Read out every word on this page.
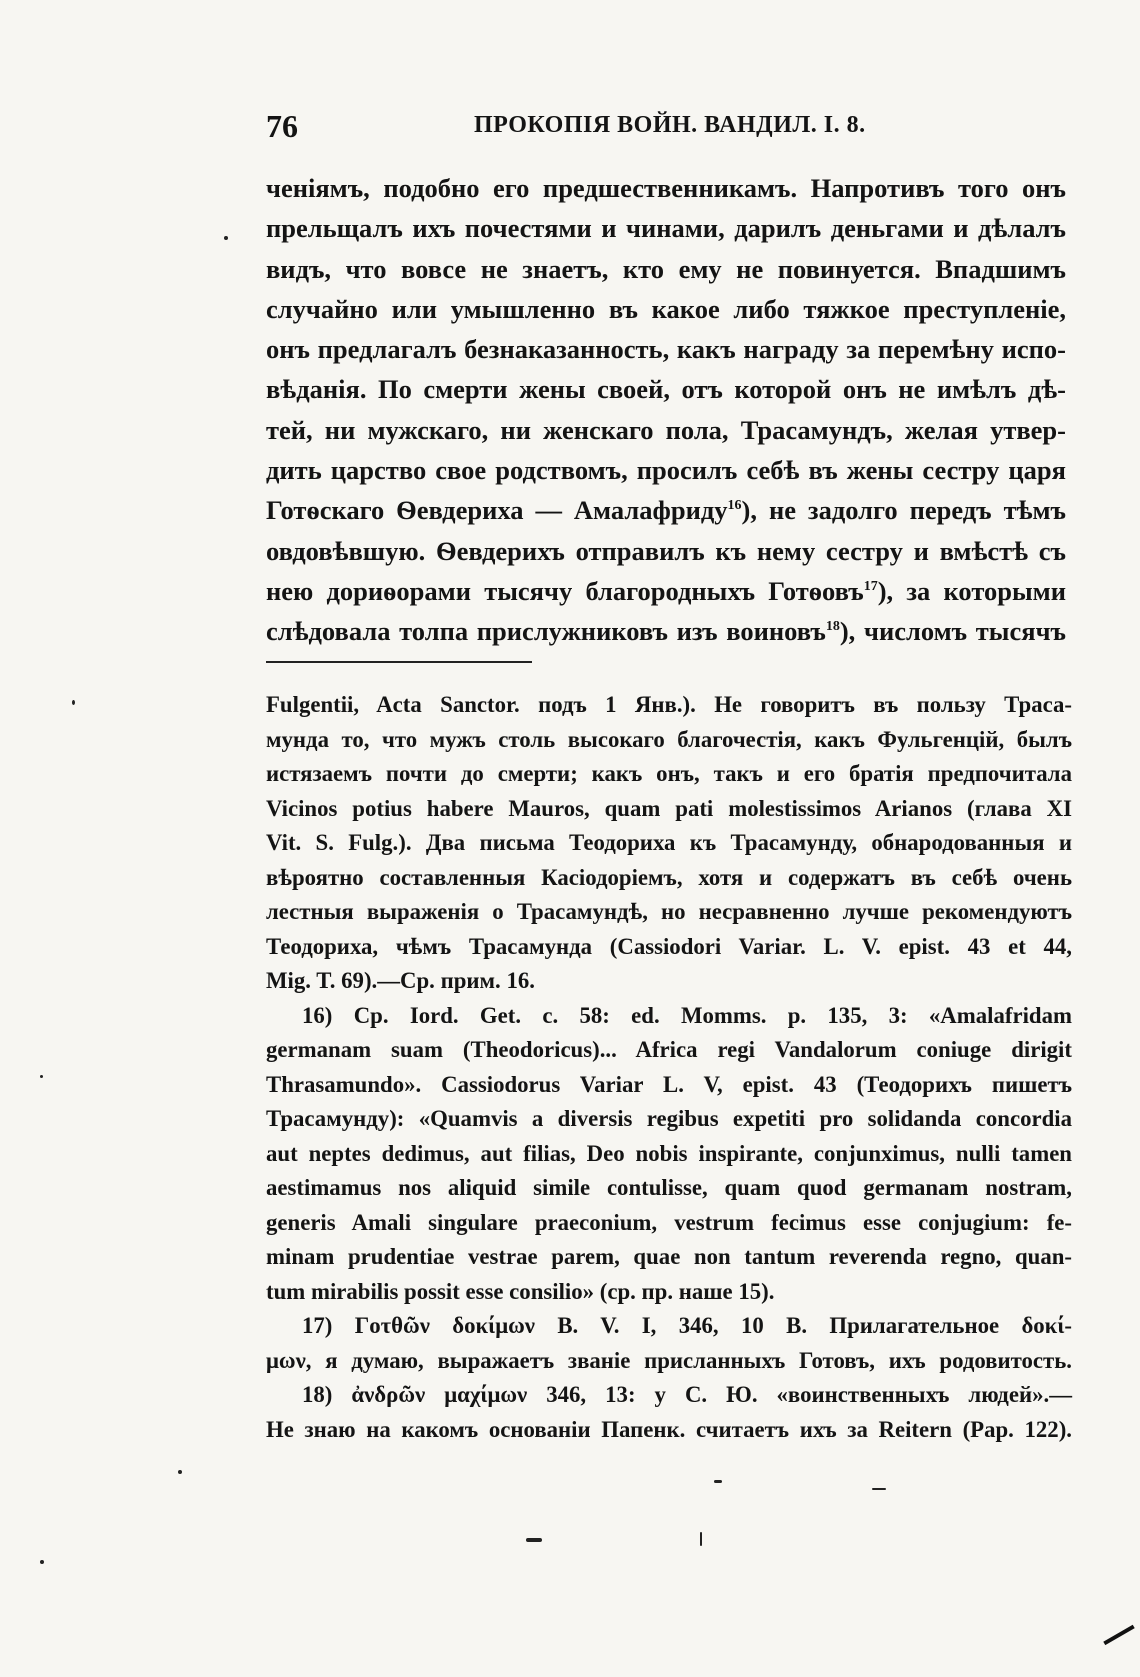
76	ПРОКОПІЯ ВОЙН. ВАНДИЛ. I. 8.
ченіямъ, подобно его предшественникамъ. Напротивъ того онъ
прельщалъ ихъ почестями и чинами, дарилъ деньгами и дѣлалъ
видъ, что вовсе не знаетъ, кто ему не повинуется. Впадшимъ
случайно или умышленно въ какое либо тяжкое преступленіе,
онъ предлагалъ безнаказанность, какъ награду за перемѣну испо-
вѣданія. По смерти жены своей, отъ которой онъ не имѣлъ дѣ-
тей, ни мужскаго, ни женскаго пола, Трасамундъ, желая утвер-
дить царство свое родствомъ, просилъ себѣ въ жены сестру царя
Готѳскаго Ѳевдериха — Амалафриду$^{16}$), не задолго передъ тѣмъ
овдовѣвшую. Ѳевдерихъ отправилъ къ нему сестру и вмѣстѣ съ
нею дориѳорами тысячу благородныхъ Готѳовъ$^{17}$), за которыми
слѣдовала толпа прислужниковъ изъ воиновъ$^{18}$), числомъ тысячъ
Fulgentii, Acta Sanctor. подъ 1 Янв.). Не говоритъ въ пользу Траса-
мунда то, что мужъ столь высокаго благочестія, какъ Фульгенцій, былъ
истязаемъ почти до смерти; какъ онъ, такъ и его братія предпочитала
Vicinos potius habere Mauros, quam pati molestissimos Arianos (глава XI
Vit. S. Fulg.). Два письма Теодориха къ Трасамунду, обнародованныя и
вѣроятно составленныя Касіодоріемъ, хотя и содержатъ въ себѣ очень
лестныя выраженія о Трасамундѣ, но несравненно лучше рекомендуютъ
Теодориха, чѣмъ Трасамунда (Cassiodori Variar. L. V. epist. 43 et 44,
Mig. T. 69).—Ср. прим. 16.
16) Cp. Iord. Get. c. 58: ed. Momms. p. 135, 3: «Amalafridam
germanam suam (Theodoricus)... Africa regi Vandalorum coniuge dirigit
Thrasamundo». Cassiodorus Variar L. V, epist. 43 (Теодорихъ пишетъ
Трасамунду): «Quamvis a diversis regibus expetiti pro solidanda concordia
aut neptes dedimus, aut filias, Deo nobis inspirante, conjunximus, nulli tamen
aestimamus nos aliquid simile contulisse, quam quod germanam nostram,
generis Amali singulare praeconium, vestrum fecimus esse conjugium: fe-
minam prudentiae vestrae parem, quae non tantum reverenda regno, quan-
tum mirabilis possit esse consilio» (ср. пр. наше 15).
17) Γοτθῶν δοκίμων B. V. I, 346, 10 B. Прилагательное δοκί-
μων, я думаю, выражаетъ званіе присланныхъ Готовъ, ихъ родовитость.
18) ἀνδρῶν μαχίμων 346, 13: у С. Ю. «воинственныхъ людей».—
Не знаю на какомъ основаніи Папенк. считаетъ ихъ за Reitern (Pap. 122).
